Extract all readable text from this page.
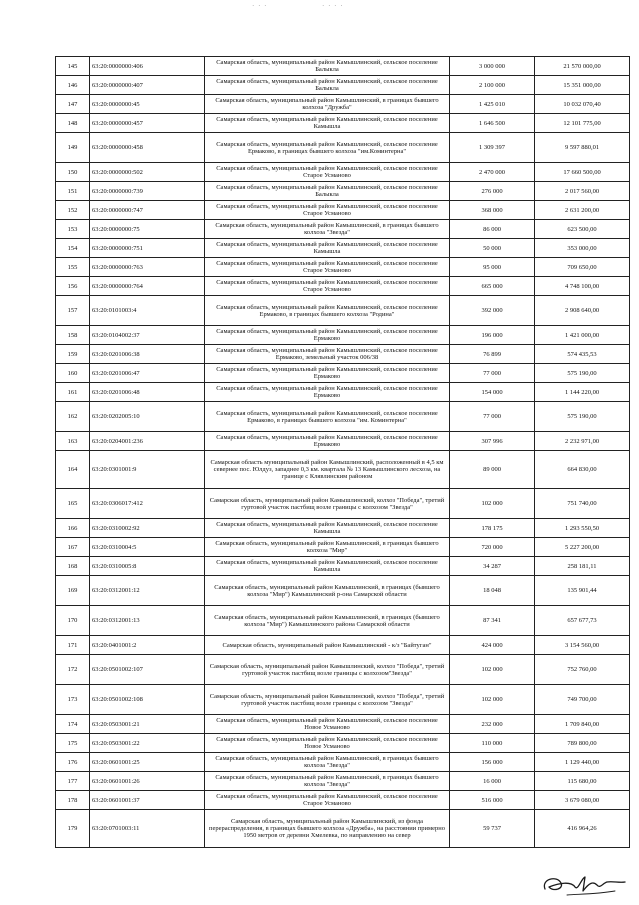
· · ·	· · · ·
145	63:20:0000000:406	Самарская область, муниципальный район Камышлинский, сельское поселение Балыкла	3 000 000	21 570 000,00
146	63:20:0000000:407	Самарская область, муниципальный район Камышлинский, сельское поселение Балыкла	2 100 000	15 351 000,00
147	63:20:0000000:45	Самарская область, муниципальный район Камышлинский, в границах бывшего колхоза "Дружба"	1 425 010	10 032 070,40
148	63:20:0000000:457	Самарская область, муниципальный район Камышлинский, сельское поселение Камышла	1 646 500	12 101 775,00
149	63:20:0000000:458	Самарская область, муниципальный район Камышлинский, сельское поселение Ермаково, в границах бывшего колхоза "им.Коминтерна"	1 309 397	9 597 880,01
150	63:20:0000000:502	Самарская область, муниципальный район Камышлинский, сельское поселение Старое Усманово	2 470 000	17 660 500,00
151	63:20:0000000:739	Самарская область, муниципальный район Камышлинский, сельское поселение Балыкла	276 000	2 017 560,00
152	63:20:0000000:747	Самарская область, муниципальный район Камышлинский, сельское поселение Старое Усманово	368 000	2 631 200,00
153	63:20:0000000:75	Самарская область, муниципальный район Камышлинский, в границах бывшего колхоза "Звезда"	86 000	623 500,00
154	63:20:0000000:751	Самарская область, муниципальный район Камышлинский, сельское поселение Камышла	50 000	353 000,00
155	63:20:0000000:763	Самарская область, муниципальный район Камышлинский, сельское поселение Старое Усманово	95 000	709 650,00
156	63:20:0000000:764	Самарская область, муниципальный район Камышлинский, сельское поселение Старое Усманово	665 000	4 748 100,00
157	63:20:0101003:4	Самарская область, муниципальный район Камышлинский, сельское поселение Ермаково, в границах бывшего колхоза "Родина"	392 000	2 908 640,00
158	63:20:0104002:37	Самарская область, муниципальный район Камышлинский, сельское поселение Ермаково	196 000	1 421 000,00
159	63:20:0201006:38	Самарская область, муниципальный район Камышлинский, сельское поселение Ермаково, земельный участок 006/38	76 899	574 435,53
160	63:20:0201006:47	Самарская область, муниципальный район Камышлинский, сельское поселение Ермаково	77 000	575 190,00
161	63:20:0201006:48	Самарская область, муниципальный район Камышлинский, сельское поселение Ермаково	154 000	1 144 220,00
162	63:20:0202005:10	Самарская область, муниципальный район Камышлинский, сельское поселение Ермаково, в границах бывшего колхоза "им. Коминтерна"	77 000	575 190,00
163	63:20:0204001:236	Самарская область, муниципальный район Камышлинский, сельское поселение Ермаково	307 996	2 232 971,00
164	63:20:0301001:9	Самарская область муниципальный район Камышлинский, расположенный в 4,5 км севернее пос. Юлдуз, западнее 0,3 км. квартала № 13 Камышлинского лесхоза, на границе с Клявлинским районом	89 000	664 830,00
165	63:20:0306017:412	Самарская область, муниципальный район Камышлинский, колхоз "Победа", третий гуртовой участок пастбищ возле границы с колхозом "Звезда"	102 000	751 740,00
166	63:20:0310002:92	Самарская область, муниципальный район Камышлинский, сельское поселение Камышла	178 175	1 293 550,50
167	63:20:0310004:5	Самарская область, муниципальный район Камышлинский, в границах бывшего колхоза "Мир"	720 000	5 227 200,00
168	63:20:0310005:8	Самарская область, муниципальный район Камышлинский, сельское поселение Камышла	34 287	258 181,11
169	63:20:0312001:12	Самарская область, муниципальный район Камышлинский, в границах (бывшего колхоза "Мир") Камышлинский р-она Самарской области	18 048	135 901,44
170	63:20:0312001:13	Самарская область, муниципальный район Камышлинский, в границах (бывшего колхоза "Мир") Камышлинского района Самарской области	87 341	657 677,73
171	63:20:0401001:2	Самарская область, муниципальный район Камышлинский - к/з "Байтуган"	424 000	3 154 560,00
172	63:20:0501002:107	Самарская область, муниципальный район Камышлинский, колхоз "Победа", третий гуртовой участок пастбищ возле границы с колхозом"Звезда"	102 000	752 760,00
173	63:20:0501002:108	Самарская область, муниципальный район Камышлинский, колхоз "Победа", третий гуртовой участок пастбищ возле границы с колхозом "Звезда"	102 000	749 700,00
174	63:20:0503001:21	Самарская область, муниципальный район Камышлинский, сельское поселение Новое Усманово	232 000	1 709 840,00
175	63:20:0503001:22	Самарская область, муниципальный район Камышлинский, сельское поселение Новое Усманово	110 000	789 800,00
176	63:20:0601001:25	Самарская область, муниципальный район Камышлинский, в границах бывшего колхоза "Звезда"	156 000	1 129 440,00
177	63:20:0601001:26	Самарская область, муниципальный район Камышлинский, в границах бывшего колхоза "Звезда"	16 000	115 680,00
178	63:20:0601001:37	Самарская область, муниципальный район Камышлинский, сельское поселение Старое Усманово	516 000	3 679 080,00
179	63:20:0701003:11	Самарская область, муниципальный район Камышлинский, из фонда перераспределения, в границах бывшего колхоза «Дружба», на расстоянии примерно 1950 метров от деревни Хмелевка, по направлению на север	59 737	416 964,26
